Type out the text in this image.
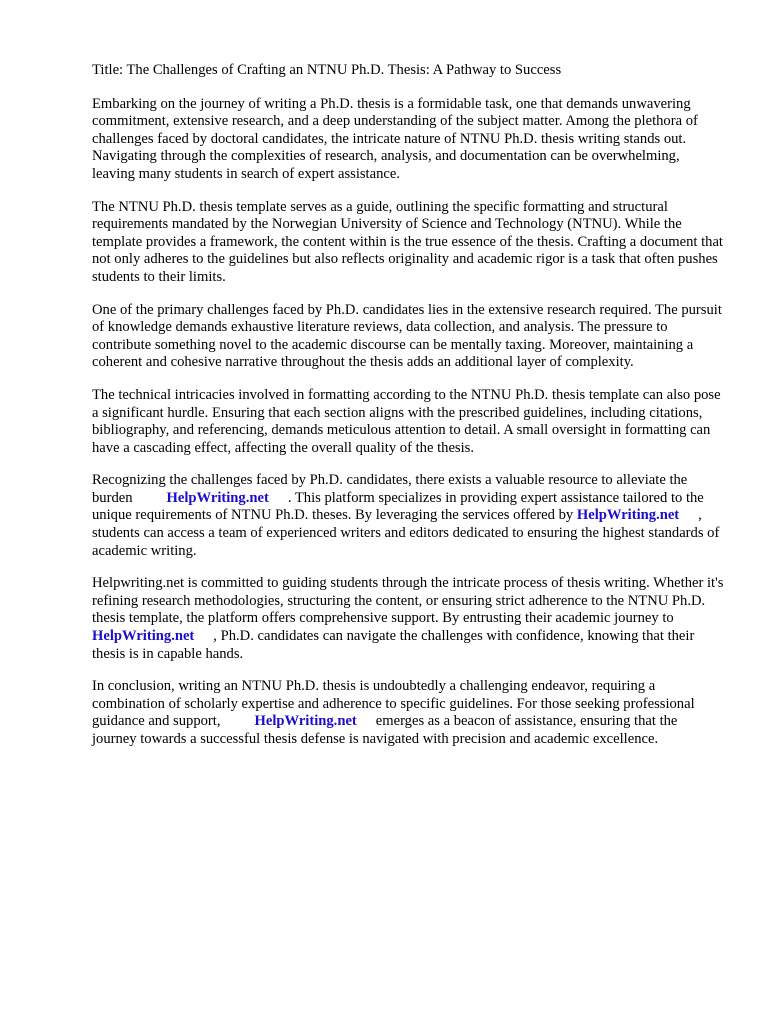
Title: The Challenges of Crafting an NTNU Ph.D. Thesis: A Pathway to Success

Embarking on the journey of writing a Ph.D. thesis is a formidable task, one that demands unwavering commitment, extensive research, and a deep understanding of the subject matter. Among the plethora of challenges faced by doctoral candidates, the intricate nature of NTNU Ph.D. thesis writing stands out. Navigating through the complexities of research, analysis, and documentation can be overwhelming, leaving many students in search of expert assistance.

The NTNU Ph.D. thesis template serves as a guide, outlining the specific formatting and structural requirements mandated by the Norwegian University of Science and Technology (NTNU). While the template provides a framework, the content within is the true essence of the thesis. Crafting a document that not only adheres to the guidelines but also reflects originality and academic rigor is a task that often pushes students to their limits.

One of the primary challenges faced by Ph.D. candidates lies in the extensive research required. The pursuit of knowledge demands exhaustive literature reviews, data collection, and analysis. The pressure to contribute something novel to the academic discourse can be mentally taxing. Moreover, maintaining a coherent and cohesive narrative throughout the thesis adds an additional layer of complexity.

The technical intricacies involved in formatting according to the NTNU Ph.D. thesis template can also pose a significant hurdle. Ensuring that each section aligns with the prescribed guidelines, including citations, bibliography, and referencing, demands meticulous attention to detail. A small oversight in formatting can have a cascading effect, affecting the overall quality of the thesis.

Recognizing the challenges faced by Ph.D. candidates, there exists a valuable resource to alleviate the burden HelpWriting.net . This platform specializes in providing expert assistance tailored to the unique requirements of NTNU Ph.D. theses. By leveraging the services offered by HelpWriting.net , students can access a team of experienced writers and editors dedicated to ensuring the highest standards of academic writing.

Helpwriting.net is committed to guiding students through the intricate process of thesis writing. Whether it's refining research methodologies, structuring the content, or ensuring strict adherence to the NTNU Ph.D. thesis template, the platform offers comprehensive support. By entrusting their academic journey toHelpWriting.net , Ph.D. candidates can navigate the challenges with confidence, knowing that their thesis is in capable hands.

In conclusion, writing an NTNU Ph.D. thesis is undoubtedly a challenging endeavor, requiring a combination of scholarly expertise and adherence to specific guidelines. For those seeking professional guidance and support, HelpWriting.net emerges as a beacon of assistance, ensuring that the journey towards a successful thesis defense is navigated with precision and academic excellence.
